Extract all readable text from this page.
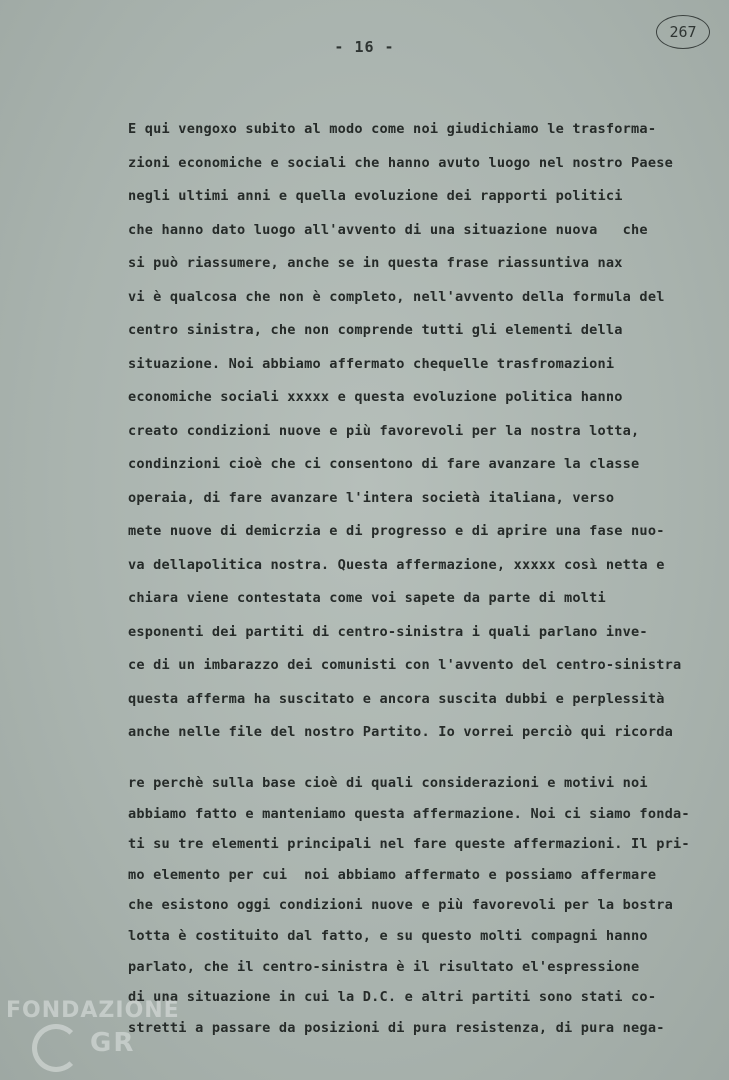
- 16 -
267
E qui vengoxo subito al modo come noi giudichiamo le trasforma-
zioni economiche e sociali che hanno avuto luogo nel nostro Paese
negli ultimi anni e quella evoluzione dei rapporti politici
che hanno dato luogo all'avvento di una situazione nuova   che
si può riassumere, anche se in questa frase riassuntiva nax
vi è qualcosa che non è completo, nell'avvento della formula del
centro sinistra, che non comprende tutti gli elementi della
situazione. Noi abbiamo affermato chequelle trasfromazioni
economiche sociali xxxxx e questa evoluzione politica hanno
creato condizioni nuove e più favorevoli per la nostra lotta,
condinzioni cioè che ci consentono di fare avanzare la classe
operaia, di fare avanzare l'intera società italiana, verso
mete nuove di demicrzia e di progresso e di aprire una fase nuo-
va dellapolitica nostra. Questa affermazione, xxxxx così netta e
chiara viene contestata come voi sapete da parte di molti
esponenti dei partiti di centro-sinistra i quali parlano inve-
ce di un imbarazzo dei comunisti con l'avvento del centro-sinistra
questa afferma ha suscitato e ancora suscita dubbi e perplessità
anche nelle file del nostro Partito. Io vorrei perciò qui ricorda
re perchè sulla base cioè di quali considerazioni e motivi noi
abbiamo fatto e manteniamo questa affermazione. Noi ci siamo fonda-
ti su tre elementi principali nel fare queste affermazioni. Il pri-
mo elemento per cui  noi abbiamo affermato e possiamo affermare
che esistono oggi condizioni nuove e più favorevoli per la bostra
lotta è costituito dal fatto, e su questo molti compagni hanno
parlato, che il centro-sinistra è il risultato el'espressione
di una situazione in cui la D.C. e altri partiti sono stati co-
stretti a passare da posizioni di pura resistenza, di pura nega-
FONDAZIONE
GR
